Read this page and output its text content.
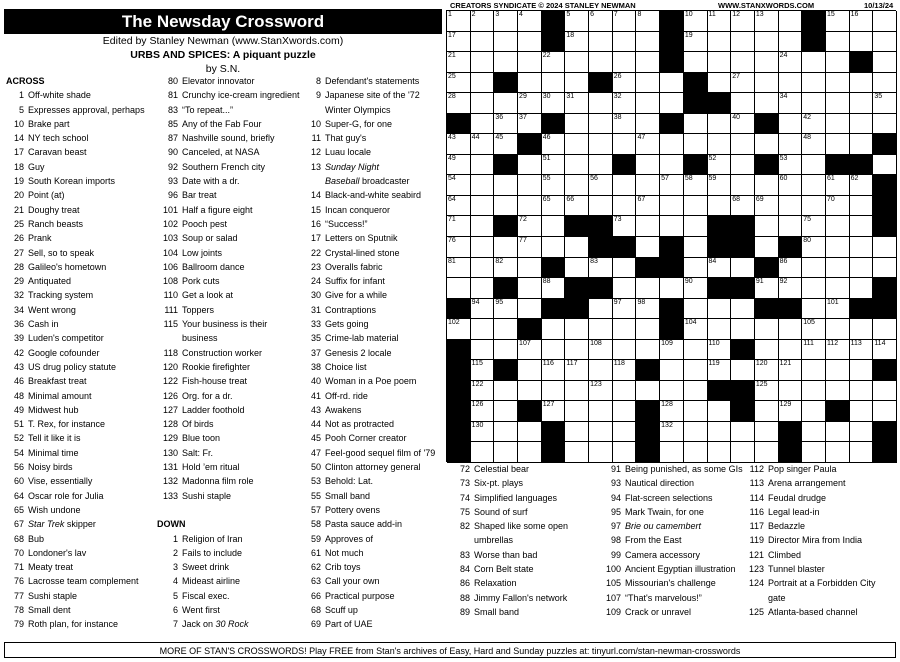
The Newsday Crossword
Edited by Stanley Newman (www.StanXwords.com)
URBS AND SPICES: A piquant puzzle
by S.N.
CREATORS SYNDICATE © 2024 STANLEY NEWMAN	WWW.STANXWORDS.COM	10/13/24
1	2	3	4	5	6	7	8	9	10 11 12 13	14 15 16
17	18	19	20
21	22	23	24
25	26	27
28	29 30 31	32	33	34	35
36 37	38	39	40 41	42
43 44 45	46	47	48
49	50	51	52	53
54	55	56	57 58 59	60	61 62 63
64	65 66	67	68 69	70
71	72	73	74	75
76	77	78	79	80
81	82	83	84	85 86
87	88 89	90	91 92
93 94 95	96	97 98 99	100	101
102	103	104	105
106	107	108	109	110	111 112 113 114
115	116 117	118	119	120 121
122	123	124 125
126	127	128	129
130	131	132	133
ACROSS
1 Off-white shade
5 Expresses approval, perhaps
10 Brake part
14 NY tech school
17 Caravan beast
18 Guy
19 South Korean imports
20 Point (at)
21 Doughy treat
25 Ranch beasts
26 Prank
27 Sell, so to speak
28 Galileo's hometown
29 Antiquated
32 Tracking system
34 Went wrong
36 Cash in
39 Luden's competitor
42 Google cofounder
43 US drug policy statute
46 Breakfast treat
48 Minimal amount
49 Midwest hub
51 T. Rex, for instance
52 Tell it like it is
54 Minimal time
56 Noisy birds
60 Vise, essentially
64 Oscar role for Julia
65 Wish undone
67 Star Trek skipper
68 Bub
70 Londoner's lav
71 Meaty treat
76 Lacrosse team complement
77 Sushi staple
78 Small dent
79 Roth plan, for instance
80 Elevator innovator
81 Crunchy ice-cream ingredient
83 “To repeat...”
85 Any of the Fab Four
87 Nashville sound, briefly
90 Canceled, at NASA
92 Southern French city
93 Date with a dr.
96 Bar treat
101 Half a figure eight
102 Pooch pest
103 Soup or salad
104 Low joints
106 Ballroom dance
108 Pork cuts
110 Get a look at
111 Toppers
115 Your business is their
business
118 Construction worker
120 Rookie firefighter
122 Fish-house treat
126 Org. for a dr.
127 Ladder foothold
128 Of birds
129 Blue toon
130 Salt: Fr.
131 Hold ’em ritual
132 Madonna film role
133 Sushi staple
DOWN
1 Religion of Iran
2 Fails to include
3 Sweet drink
4 Mideast airline
5 Fiscal exec.
6 Went first
7 Jack on 30 Rock
8 Defendant's statements
9 Japanese site of the '72
Winter Olympics
10 Super-G, for one
11 That guy's
12 Luau locale
13 Sunday Night
Baseball broadcaster
14 Black-and-white seabird
15 Incan conqueror
16 “Success!”
17 Letters on Sputnik
22 Crystal-lined stone
23 Overalls fabric
24 Suffix for infant
30 Give for a while
31 Contraptions
33 Gets going
35 Crime-lab material
37 Genesis 2 locale
38 Choice list
40 Woman in a Poe poem
41 Off-rd. ride
43 Awakens
44 Not as protracted
45 Pooh Corner creator
47 Feel-good sequel film of '79
50 Clinton attorney general
53 Behold: Lat.
55 Small band
57 Pottery ovens
58 Pasta sauce add-in
59 Approves of
61 Not much
62 Crib toys
63 Call your own
66 Practical purpose
68 Scuff up
69 Part of UAE
72 Celestial bear
73 Six-pt. plays
74 Simplified languages
75 Sound of surf
82 Shaped like some open
umbrellas
83 Worse than bad
84 Corn Belt state
86 Relaxation
88 Jimmy Fallon's network
89 Small band
91 Being punished, as some GIs
93 Nautical direction
94 Flat-screen selections
95 Mark Twain, for one
97 Brie ou camembert
98 From the East
99 Camera accessory
100 Ancient Egyptian illustration
105 Missourian's challenge
107 “That's marvelous!”
109 Crack or unravel
112 Pop singer Paula
113 Arena arrangement
114 Feudal drudge
116 Legal lead-in
117 Bedazzle
119 Director Mira from India
121 Climbed
123 Tunnel blaster
124 Portrait at a Forbidden City
gate
125 Atlanta-based channel
MORE OF STAN'S CROSSWORDS! Play FREE from Stan's archives of Easy, Hard and Sunday puzzles at: tinyurl.com/stan-newman-crosswords
